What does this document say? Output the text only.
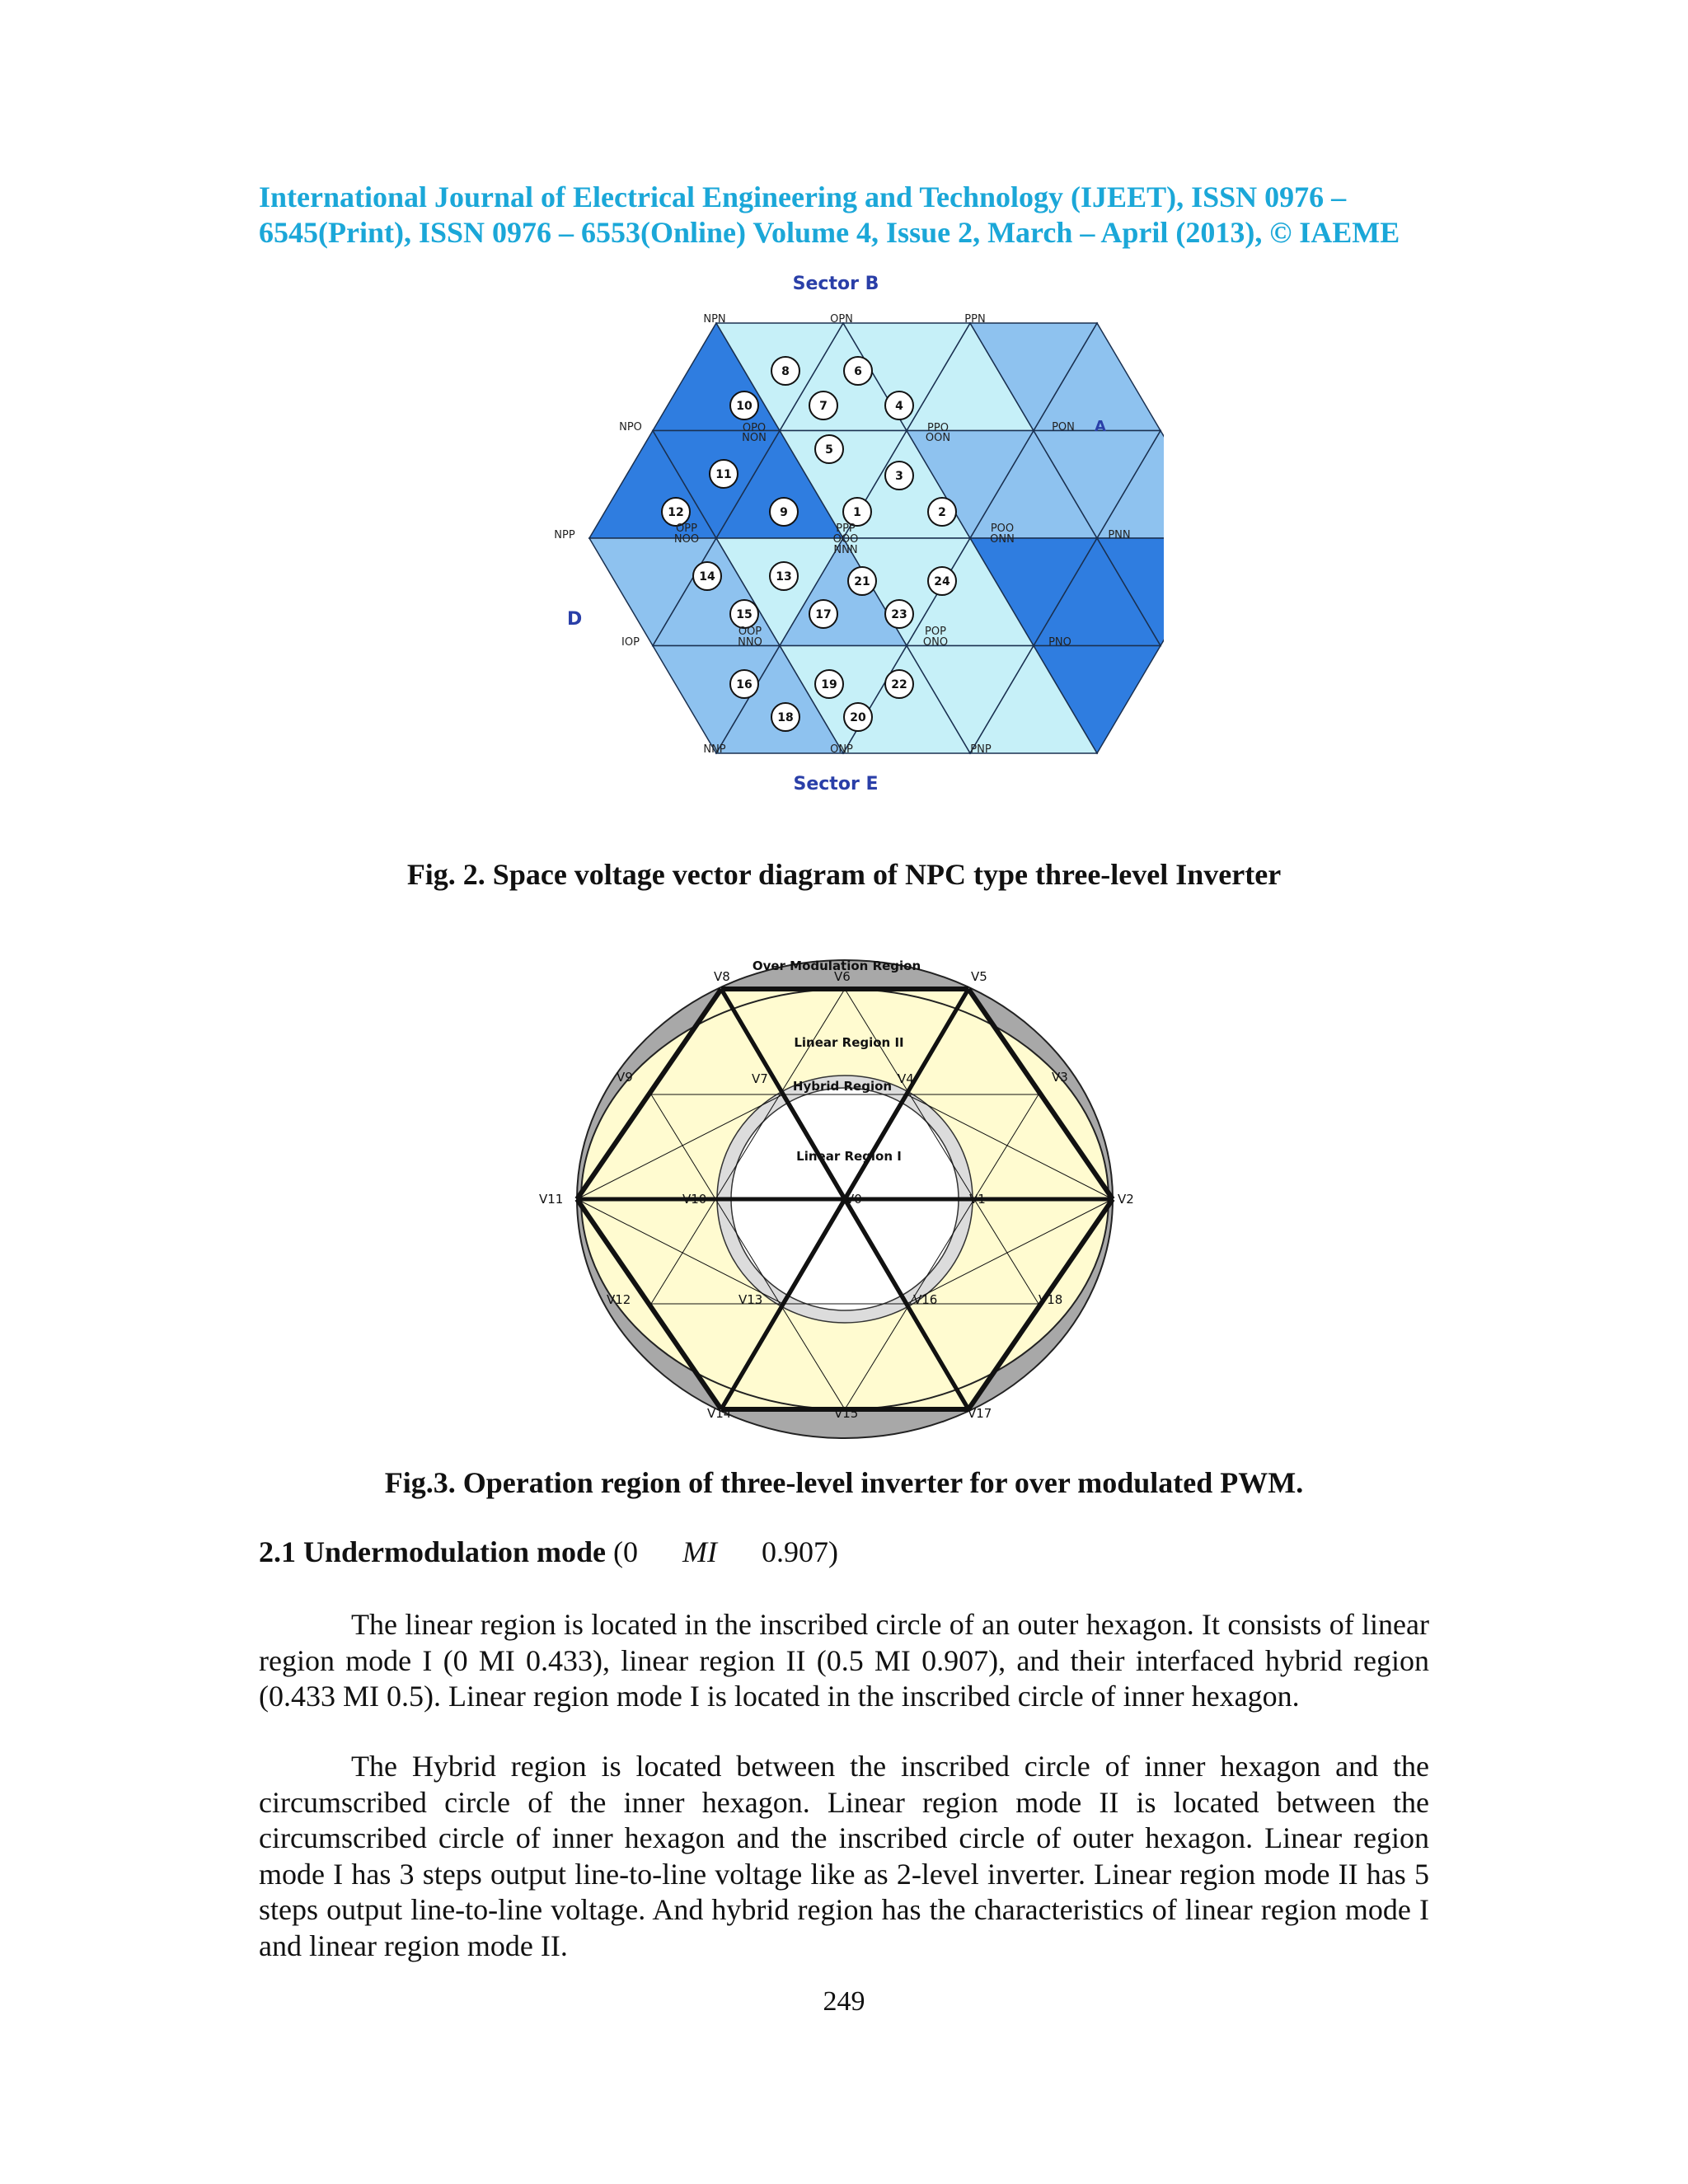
International Journal of Electrical Engineering and Technology (IJEET), ISSN 0976 –
6545(Print), ISSN 0976 – 6553(Online) Volume 4, Issue 2, March – April (2013), © IAEME
1	2
3
4
5
6
7
8
9
10
11
12
13
14
15
16
17
18
19
20
21
22
23
24
Sector B
Sector E
D
A
NPN	OPN	PPN
NPO	PON
NPP	PNN
IOP	PNO
NNP	ONP	PNP
OPO
NON
PPO
OON
OPP
NOO
POO
ONN
PPP
OOO
NNN
OOP
NNO
POP
ONO
Fig. 2. Space voltage vector diagram of NPC type three-level Inverter
Over Modulation Region
Linear Region II
Hybrid Region
Linear Region I
V0	V1	V2
V3
V4
V5
V6
V7
V8
V9
V10
V11
V12	V13
V14	V15
V16
V17
V18
Fig.3. Operation region of three-level inverter for over modulated PWM.
2.1 Undermodulation mode (0 MI 0.907)
The linear region is located in the inscribed circle of an outer hexagon. It consists of linear region mode I (0 MI 0.433), linear region II (0.5 MI 0.907), and their interfaced hybrid region (0.433 MI 0.5). Linear region mode I is located in the inscribed circle of inner hexagon.
The Hybrid region is located between the inscribed circle of inner hexagon and the circumscribed circle of the inner hexagon. Linear region mode II is located between the circumscribed circle of inner hexagon and the inscribed circle of outer hexagon. Linear region mode I has 3 steps output line-to-line voltage like as 2-level inverter. Linear region mode II has 5 steps output line-to-line voltage. And hybrid region has the characteristics of linear region mode I and linear region mode II.
249
